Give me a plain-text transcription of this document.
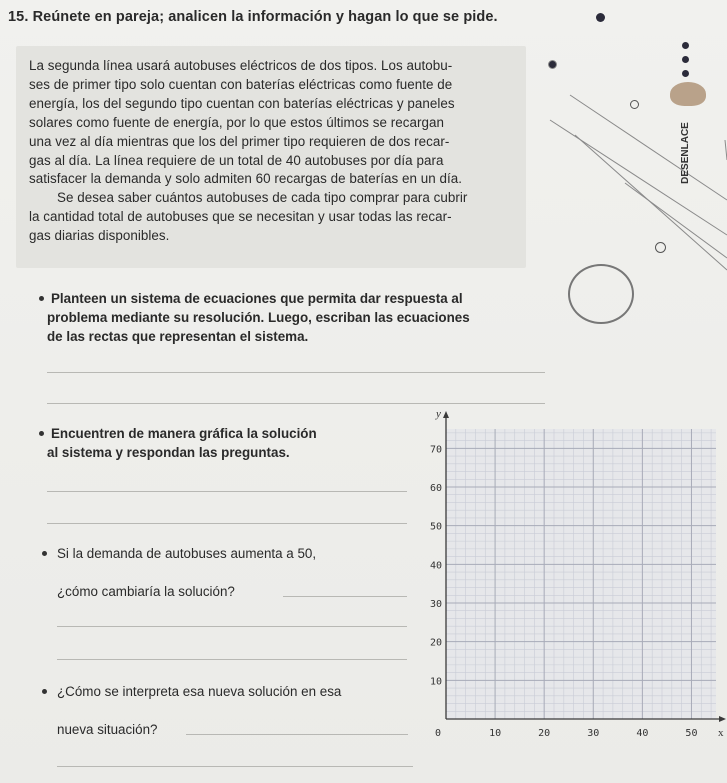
15. Reúnete en pareja; analicen la información y hagan lo que se pide.

La segunda línea usará autobuses eléctricos de dos tipos. Los autobu-
ses de primer tipo solo cuentan con baterías eléctricas como fuente de
energía, los del segundo tipo cuentan con baterías eléctricas y paneles
solares como fuente de energía, por lo que estos últimos se recargan
una vez al día mientras que los del primer tipo requieren de dos recar-
gas al día. La línea requiere de un total de 40 autobuses por día para
satisfacer la demanda y solo admiten 60 recargas de baterías en un día.

Se desea saber cuántos autobuses de cada tipo comprar para cubrir
la cantidad total de autobuses que se necesitan y usar todas las recar-
gas diarias disponibles.

DESENLACE
Planteen un sistema de ecuaciones que permita dar respuesta al
problema mediante su resolución. Luego, escriban las ecuaciones
de las rectas que representan el sistema.
Encuentren de manera gráfica la solución
al sistema y respondan las preguntas.
Si la demanda de autobuses aumenta a 50,
¿cómo cambiaría la solución?
¿Cómo se interpreta esa nueva solución en esa
nueva situación?	0	10	20	30	40	50
10
20
30
40
50
60
70
x
y
